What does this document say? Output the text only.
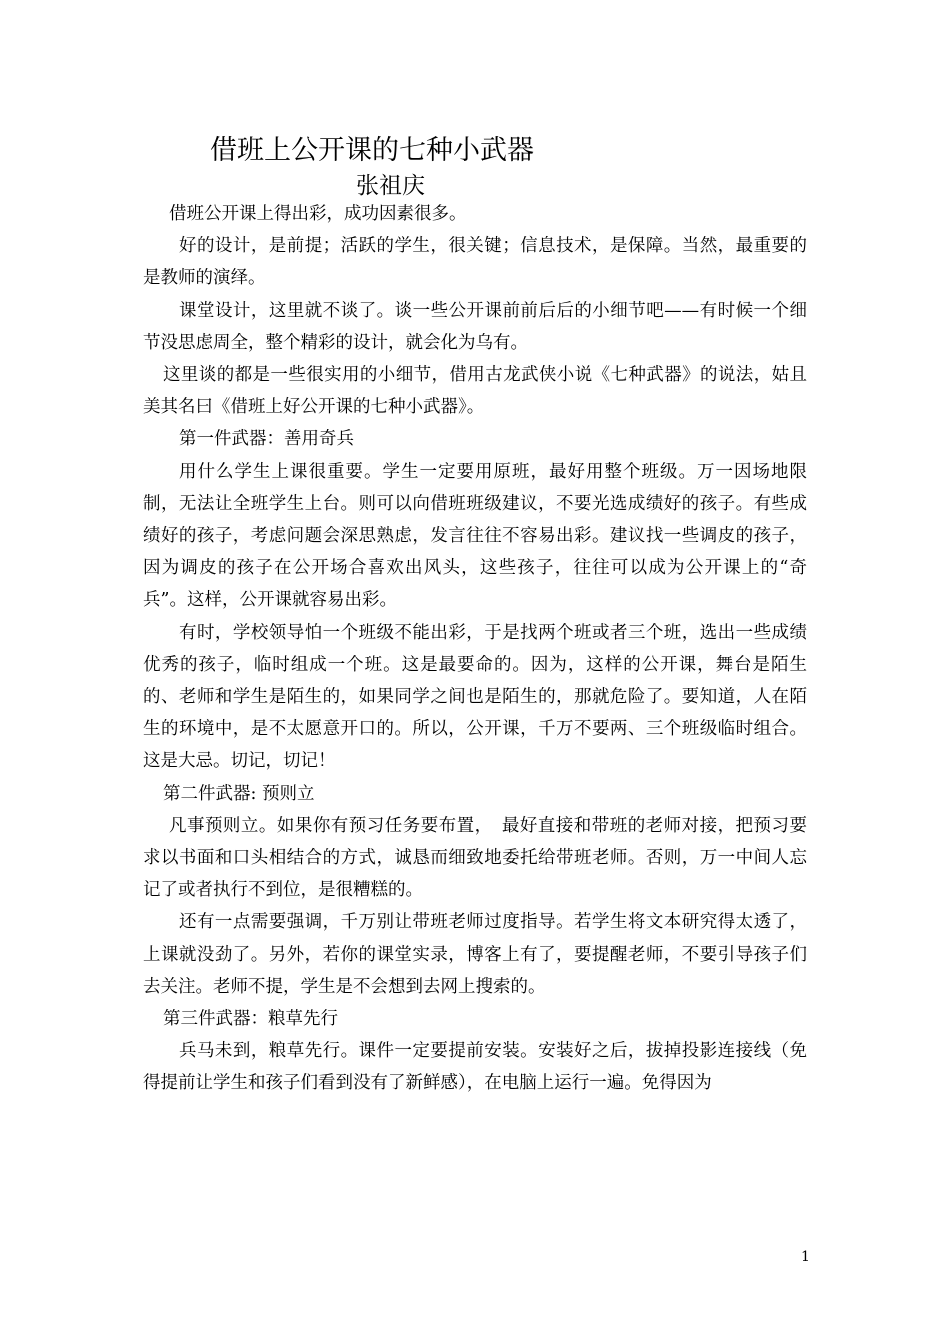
借班上公开课的七种小武器
张祖庆

借班公开课上得出彩，成功因素很多。

好的设计，是前提；活跃的学生，很关键；信息技术，是保障。当然，最重要的是教师的演绎。

课堂设计，这里就不谈了。谈一些公开课前前后后的小细节吧——有时候一个细节没思虑周全，整个精彩的设计，就会化为乌有。

这里谈的都是一些很实用的小细节，借用古龙武侠小说《七种武器》的说法，姑且美其名曰《借班上好公开课的七种小武器》。

第一件武器：善用奇兵

用什么学生上课很重要。学生一定要用原班，最好用整个班级。万一因场地限制，无法让全班学生上台。则可以向借班班级建议，不要光选成绩好的孩子。有些成绩好的孩子，考虑问题会深思熟虑，发言往往不容易出彩。建议找一些调皮的孩子，因为调皮的孩子在公开场合喜欢出风头，这些孩子，往往可以成为公开课上的“奇兵”。这样，公开课就容易出彩。

有时，学校领导怕一个班级不能出彩，于是找两个班或者三个班，选出一些成绩优秀的孩子，临时组成一个班。这是最要命的。因为，这样的公开课，舞台是陌生的、老师和学生是陌生的，如果同学之间也是陌生的，那就危险了。要知道，人在陌生的环境中，是不太愿意开口的。所以，公开课，千万不要两、三个班级临时组合。这是大忌。切记，切记！

第二件武器: 预则立

凡事预则立。如果你有预习任务要布置，　最好直接和带班的老师对接，把预习要求以书面和口头相结合的方式，诚恳而细致地委托给带班老师。否则，万一中间人忘记了或者执行不到位，是很糟糕的。

还有一点需要强调，千万别让带班老师过度指导。若学生将文本研究得太透了，上课就没劲了。另外，若你的课堂实录，博客上有了，要提醒老师，不要引导孩子们去关注。老师不提，学生是不会想到去网上搜索的。

第三件武器：粮草先行

兵马未到，粮草先行。课件一定要提前安装。安装好之后，拔掉投影连接线（免得提前让学生和孩子们看到没有了新鲜感），在电脑上运行一遍。免得因为

1
